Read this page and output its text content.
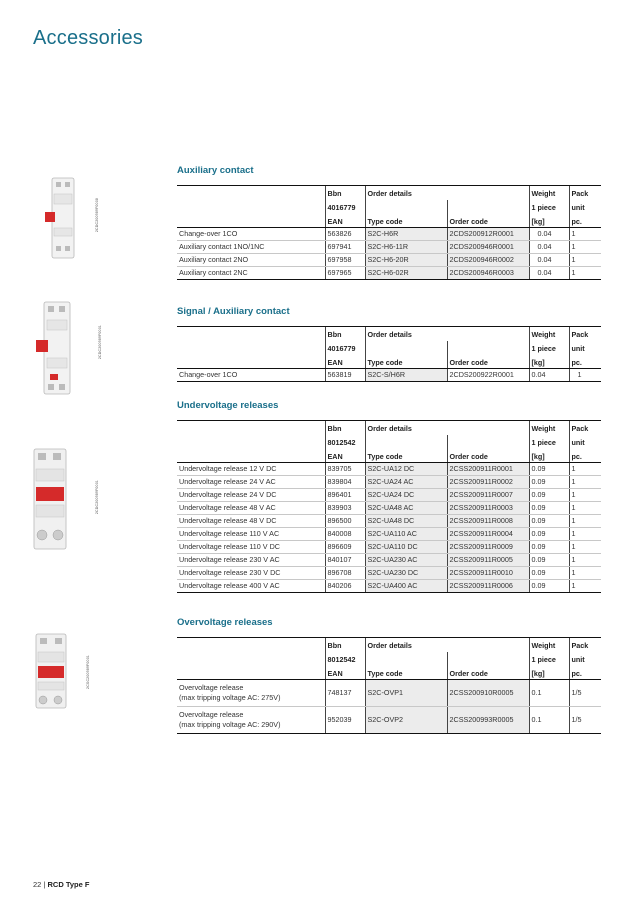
Accessories
2CDC200989F0008
2CDC200989F0001
2CDC200989F0001
2CSC200989F0001
Auxiliary contact
	Bbn	Order details		Weight	Pack
	4016779			1 piece	unit
	EAN	Type code	Order code	[kg]	pc.
Change-over 1CO	563826	S2C-H6R	2CDS200912R0001	0.04	1
Auxiliary contact 1NO/1NC	697941	S2C-H6-11R	2CDS200946R0001	0.04	1
Auxiliary contact 2NO	697958	S2C-H6-20R	2CDS200946R0002	0.04	1
Auxiliary contact 2NC	697965	S2C-H6-02R	2CDS200946R0003	0.04	1
Signal / Auxiliary contact
	Bbn	Order details		Weight	Pack
	4016779			1 piece	unit
	EAN	Type code	Order code	[kg]	pc.
Change-over 1CO	563819	S2C-S/H6R	2CDS200922R0001	0.04	1
Undervoltage releases
	Bbn	Order details		Weight	Pack
	8012542			1 piece	unit
	EAN	Type code	Order code	[kg]	pc.
Undervoltage release 12 V DC	839705	S2C-UA12 DC	2CSS200911R0001	0.09	1
Undervoltage release 24 V AC	839804	S2C-UA24 AC	2CSS200911R0002	0.09	1
Undervoltage release 24 V DC	896401	S2C-UA24 DC	2CSS200911R0007	0.09	1
Undervoltage release 48 V AC	839903	S2C-UA48 AC	2CSS200911R0003	0.09	1
Undervoltage release 48 V DC	896500	S2C-UA48 DC	2CSS200911R0008	0.09	1
Undervoltage release 110 V AC	840008	S2C-UA110 AC	2CSS200911R0004	0.09	1
Undervoltage release 110 V DC	896609	S2C-UA110 DC	2CSS200911R0009	0.09	1
Undervoltage release 230 V AC	840107	S2C-UA230 AC	2CSS200911R0005	0.09	1
Undervoltage release 230 V DC	896708	S2C-UA230 DC	2CSS200911R0010	0.09	1
Undervoltage release 400 V AC	840206	S2C-UA400 AC	2CSS200911R0006	0.09	1
Overvoltage releases
	Bbn	Order details		Weight	Pack
	8012542			1 piece	unit
	EAN	Type code	Order code	[kg]	pc.
Overvoltage release
(max tripping voltage AC: 275V)	748137	S2C-OVP1	2CSS200910R0005	0.1	1/5
Overvoltage release
(max tripping voltage AC: 290V)	952039	S2C-OVP2	2CSS200993R0005	0.1	1/5
22 | RCD Type F
